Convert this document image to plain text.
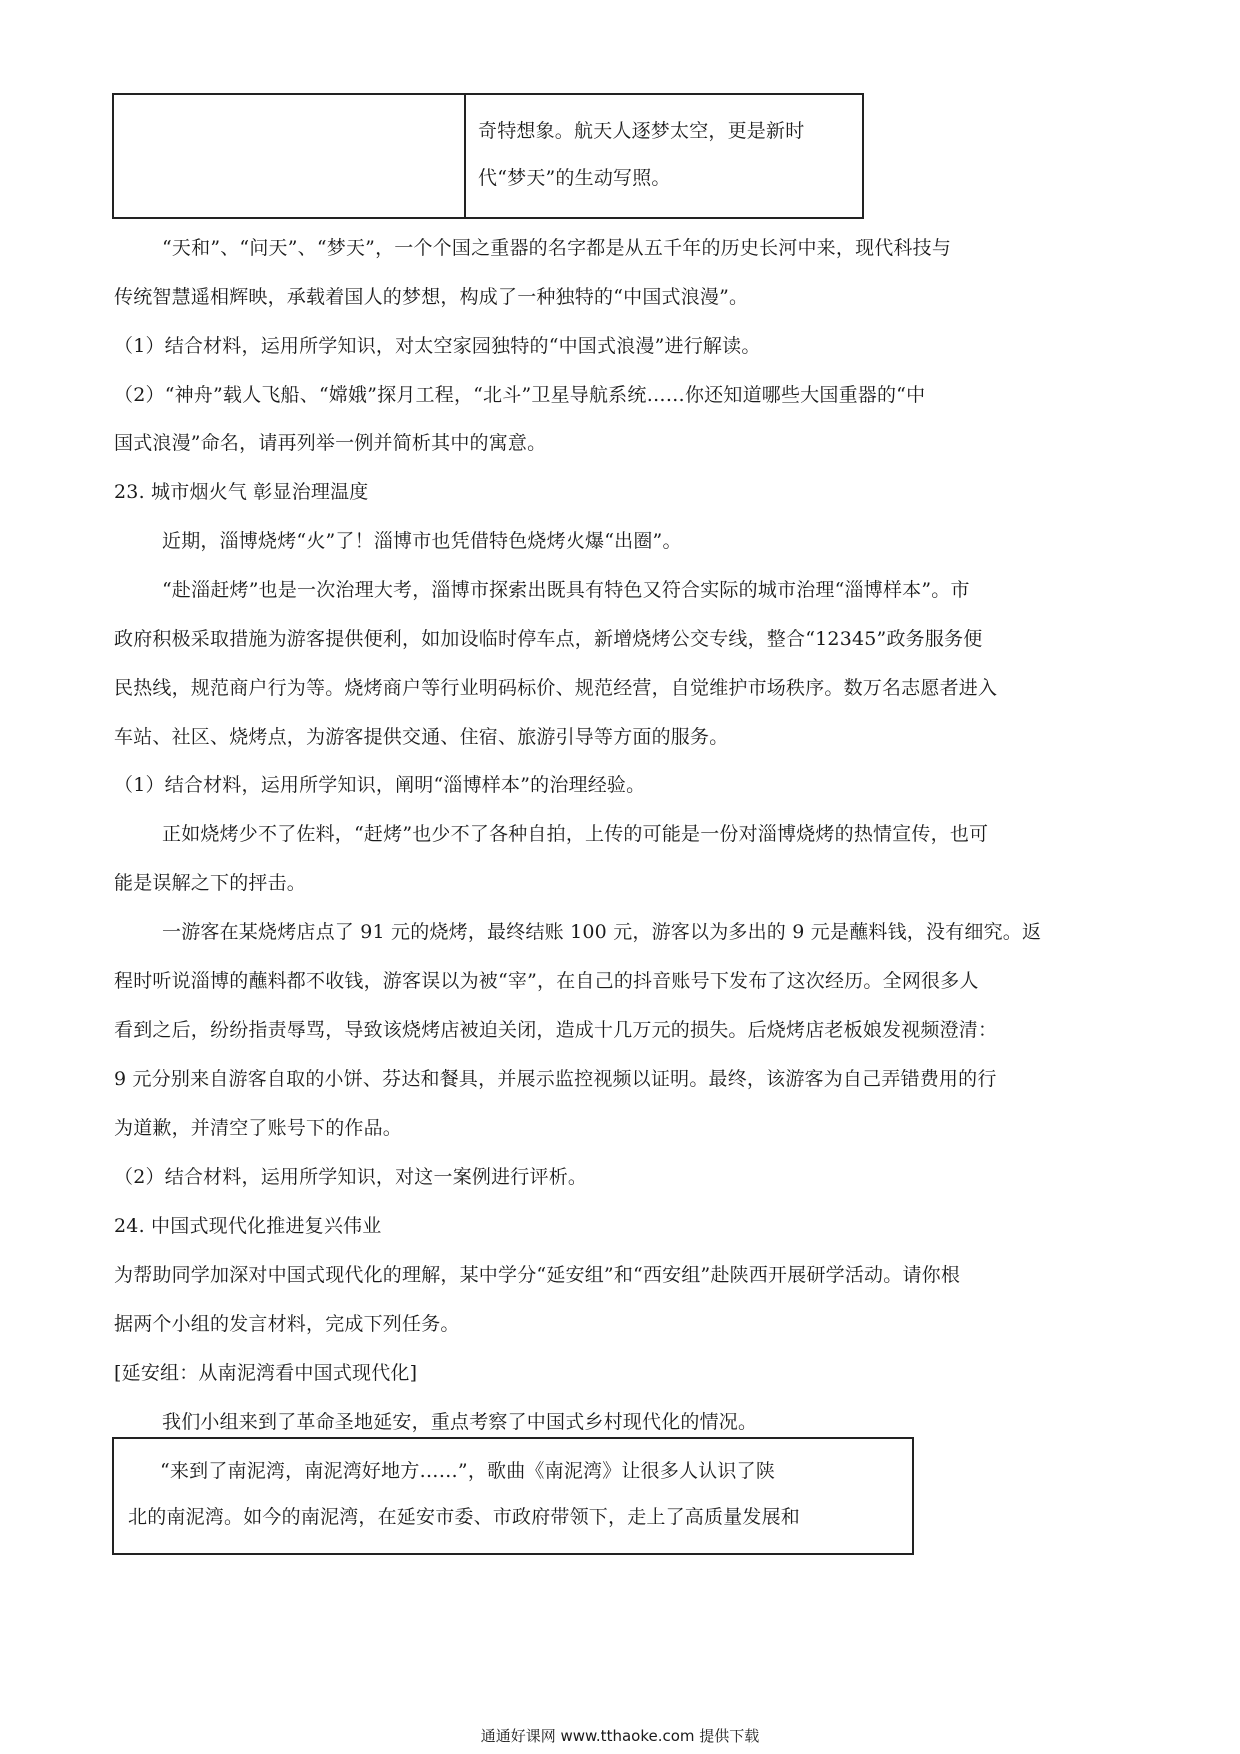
奇特想象。航天人逐梦太空，更是新时
代“梦天”的生动写照。
“天和”、“问天”、“梦天”，一个个国之重器的名字都是从五千年的历史长河中来，现代科技与
传统智慧遥相辉映，承载着国人的梦想，构成了一种独特的“中国式浪漫”。
（1）结合材料，运用所学知识，对太空家园独特的“中国式浪漫”进行解读。
（2）“神舟”载人飞船、“嫦娥”探月工程，“北斗”卫星导航系统……你还知道哪些大国重器的“中
国式浪漫”命名，请再列举一例并简析其中的寓意。
23. 城市烟火气 彰显治理温度
近期，淄博烧烤“火”了！淄博市也凭借特色烧烤火爆“出圈”。
“赴淄赶烤”也是一次治理大考，淄博市探索出既具有特色又符合实际的城市治理“淄博样本”。市
政府积极采取措施为游客提供便利，如加设临时停车点，新增烧烤公交专线，整合“12345”政务服务便
民热线，规范商户行为等。烧烤商户等行业明码标价、规范经营，自觉维护市场秩序。数万名志愿者进入
车站、社区、烧烤点，为游客提供交通、住宿、旅游引导等方面的服务。
（1）结合材料，运用所学知识，阐明“淄博样本”的治理经验。
正如烧烤少不了佐料，“赶烤”也少不了各种自拍，上传的可能是一份对淄博烧烤的热情宣传，也可
能是误解之下的抨击。
一游客在某烧烤店点了 91 元的烧烤，最终结账 100 元，游客以为多出的 9 元是蘸料钱，没有细究。返
程时听说淄博的蘸料都不收钱，游客误以为被“宰”，在自己的抖音账号下发布了这次经历。全网很多人
看到之后，纷纷指责辱骂，导致该烧烤店被迫关闭，造成十几万元的损失。后烧烤店老板娘发视频澄清：
9 元分别来自游客自取的小饼、芬达和餐具，并展示监控视频以证明。最终，该游客为自己弄错费用的行
为道歉，并清空了账号下的作品。
（2）结合材料，运用所学知识，对这一案例进行评析。
24. 中国式现代化推进复兴伟业
为帮助同学加深对中国式现代化的理解，某中学分“延安组”和“西安组”赴陕西开展研学活动。请你根
据两个小组的发言材料，完成下列任务。
[延安组：从南泥湾看中国式现代化]
我们小组来到了革命圣地延安，重点考察了中国式乡村现代化的情况。
“来到了南泥湾，南泥湾好地方……”，歌曲《南泥湾》让很多人认识了陕
北的南泥湾。如今的南泥湾，在延安市委、市政府带领下，走上了高质量发展和
通通好课网 www.tthaoke.com 提供下载
